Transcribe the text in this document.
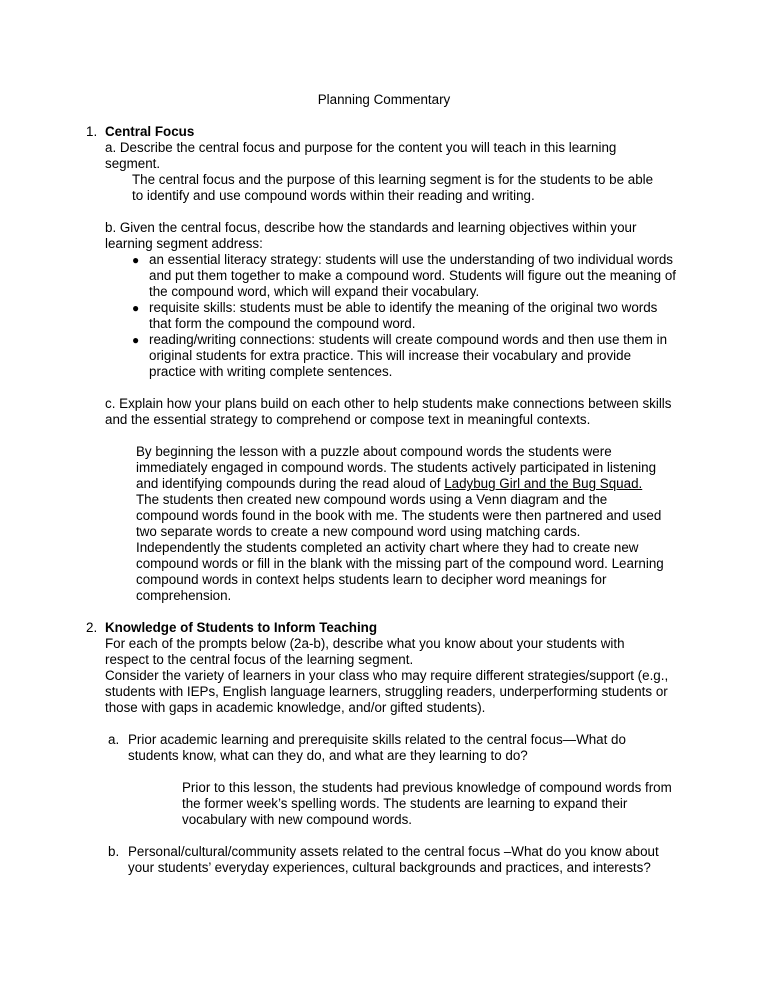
Planning Commentary
1. Central Focus
a. Describe the central focus and purpose for the content you will teach in this learning segment.
The central focus and the purpose of this learning segment is for the students to be able to identify and use compound words within their reading and writing.
b. Given the central focus, describe how the standards and learning objectives within your learning segment address:
● an essential literacy strategy: students will use the understanding of two individual words and put them together to make a compound word. Students will figure out the meaning of the compound word, which will expand their vocabulary.
● requisite skills: students must be able to identify the meaning of the original two words that form the compound the compound word.
● reading/writing connections: students will create compound words and then use them in original students for extra practice. This will increase their vocabulary and provide practice with writing complete sentences.
c. Explain how your plans build on each other to help students make connections between skills and the essential strategy to comprehend or compose text in meaningful contexts.
By beginning the lesson with a puzzle about compound words the students were immediately engaged in compound words. The students actively participated in listening and identifying compounds during the read aloud of Ladybug Girl and the Bug Squad. The students then created new compound words using a Venn diagram and the compound words found in the book with me. The students were then partnered and used two separate words to create a new compound word using matching cards. Independently the students completed an activity chart where they had to create new compound words or fill in the blank with the missing part of the compound word. Learning compound words in context helps students learn to decipher word meanings for comprehension.
2. Knowledge of Students to Inform Teaching
For each of the prompts below (2a-b), describe what you know about your students with respect to the central focus of the learning segment.
Consider the variety of learners in your class who may require different strategies/support (e.g., students with IEPs, English language learners, struggling readers, underperforming students or those with gaps in academic knowledge, and/or gifted students).
a. Prior academic learning and prerequisite skills related to the central focus—What do students know, what can they do, and what are they learning to do?
Prior to this lesson, the students had previous knowledge of compound words from the former week’s spelling words. The students are learning to expand their vocabulary with new compound words.
b. Personal/cultural/community assets related to the central focus –What do you know about your students’ everyday experiences, cultural backgrounds and practices, and interests?
